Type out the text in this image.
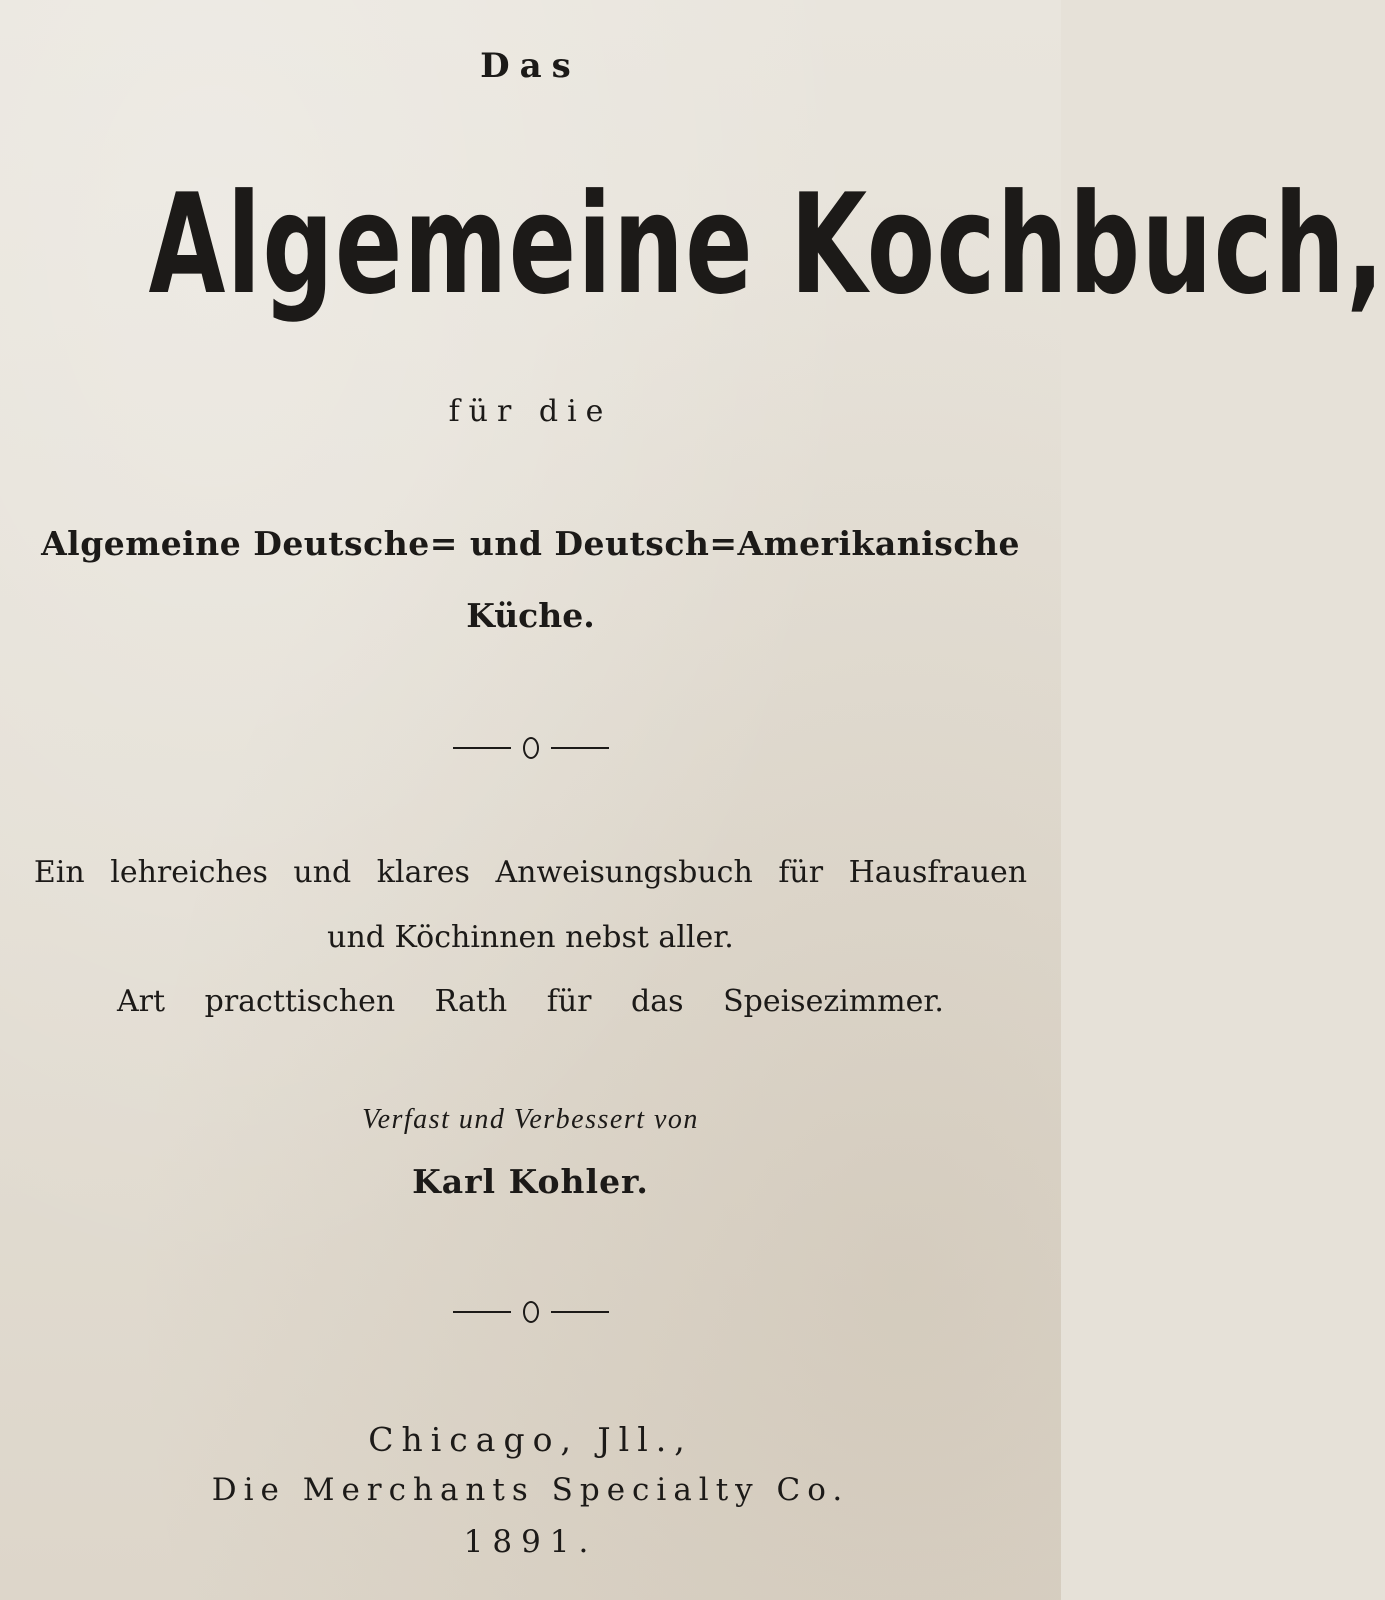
Das

Algemeine Kochbuch,

für die

Algemeine Deutsche= und Deutsch=Amerikanische

Küche.

Ein lehreiches und klares Anweisungsbuch für Hausfrauen

und Köchinnen nebst aller.

Art practtischen Rath für das Speisezimmer.

Verfast und Verbessert von

Karl Kohler.

Chicago, Jll.,

Die Merchants Specialty Co.

1891.
